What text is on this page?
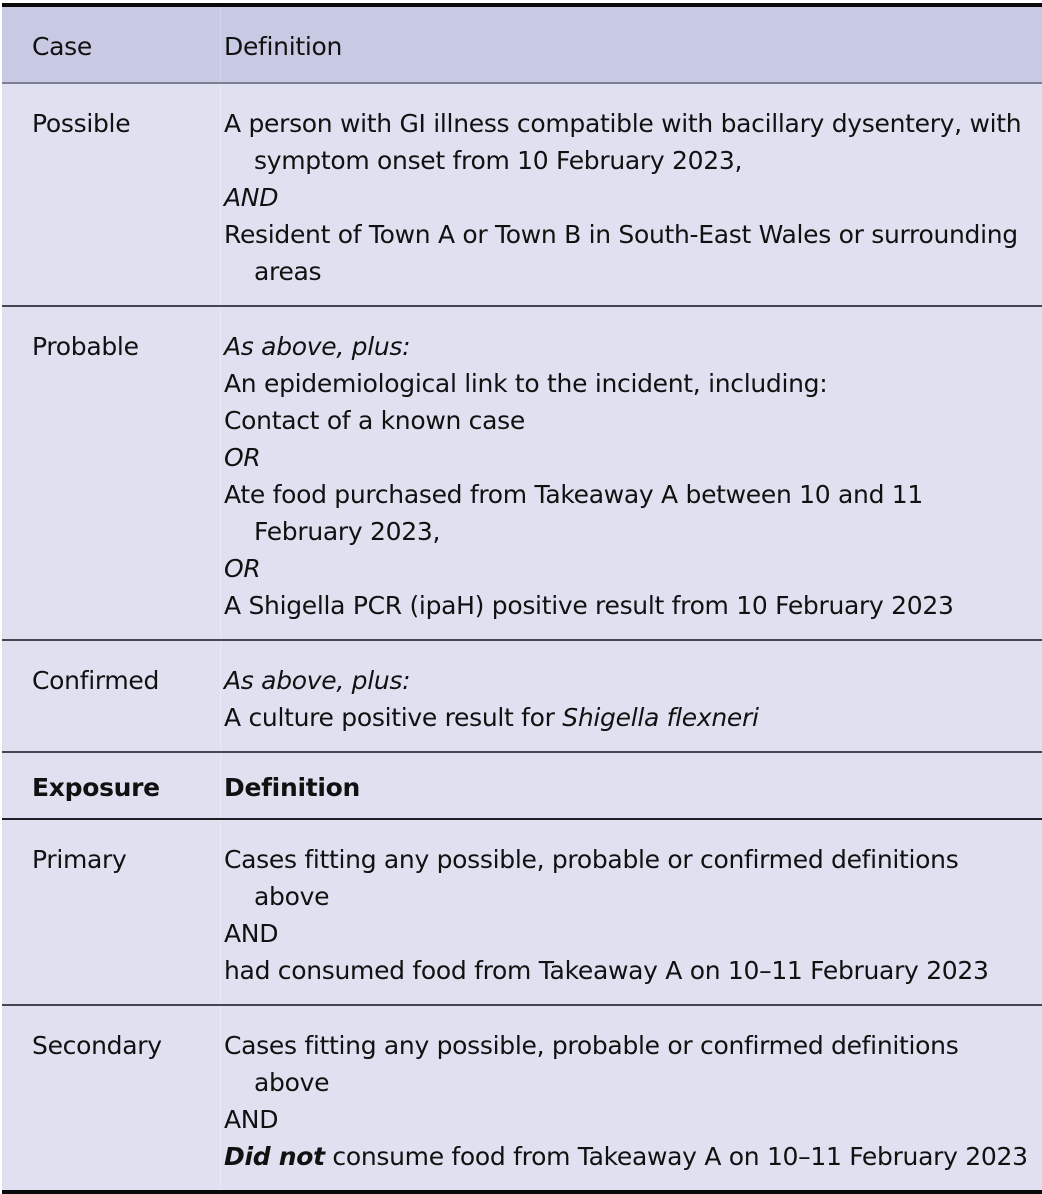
Case	Definition
Possible	A person with GI illness compatible with bacillary dysentery, with symptom onset from 10 February 2023,
AND
Resident of Town A or Town B in South-East Wales or surrounding areas
Probable	As above, plus:
An epidemiological link to the incident, including:
Contact of a known case
OR
Ate food purchased from Takeaway A between 10 and 11 February 2023,
OR
A Shigella PCR (ipaH) positive result from 10 February 2023
Confirmed	As above, plus:
A culture positive result for Shigella flexneri
Exposure	Definition
Primary	Cases fitting any possible, probable or confirmed definitions above
AND
had consumed food from Takeaway A on 10–11 February 2023
Secondary	Cases fitting any possible, probable or confirmed definitions above
AND
Did not consume food from Takeaway A on 10–11 February 2023
